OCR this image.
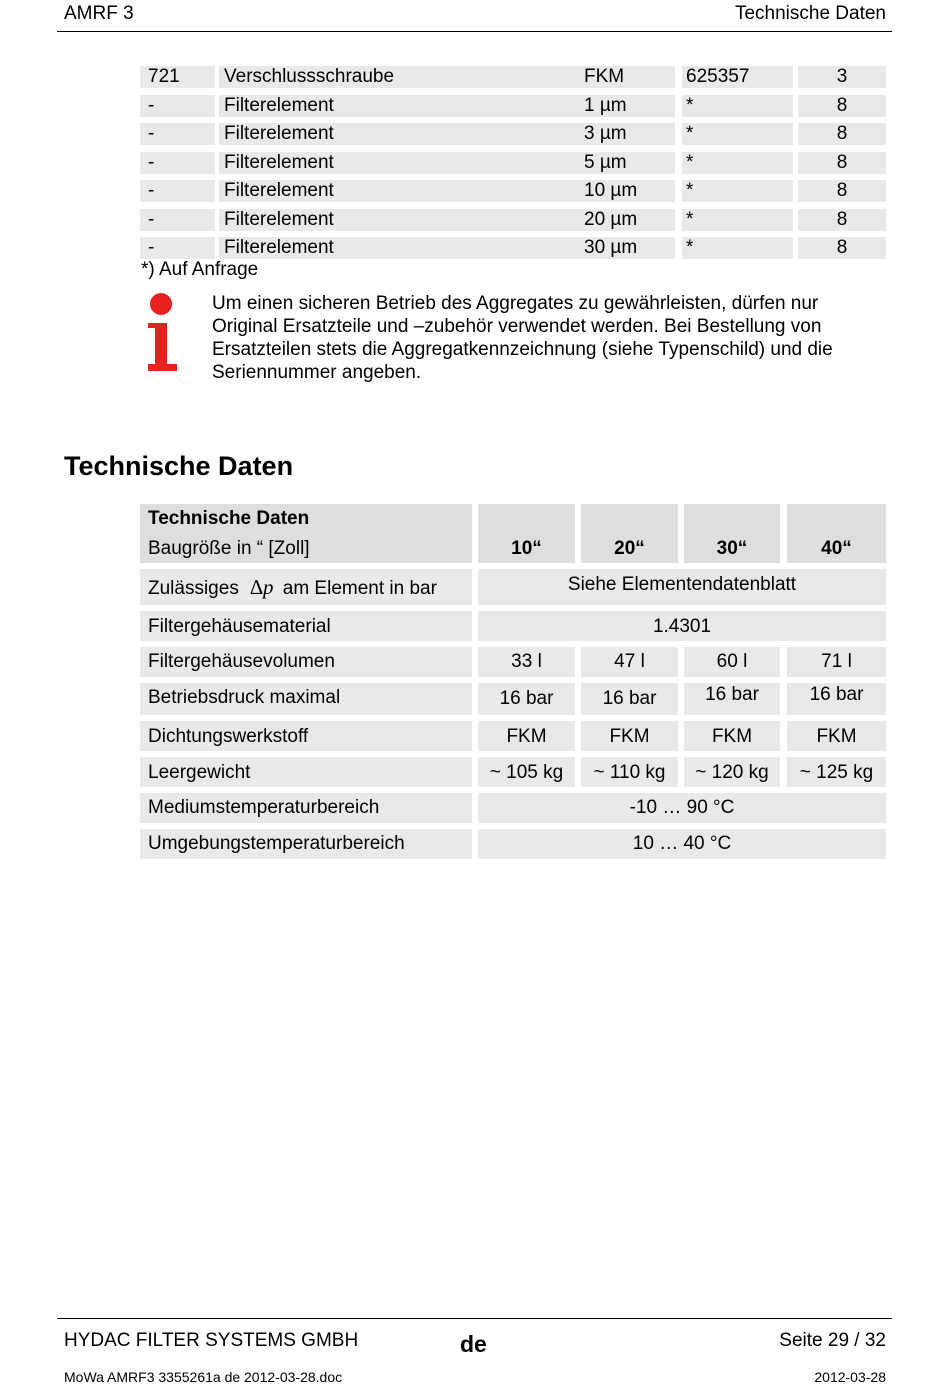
AMRF 3	Technische Daten
721	Verschlussschraube	FKM	625357	3
-	Filterelement	1 µm	*	8
-	Filterelement	3 µm	*	8
-	Filterelement	5 µm	*	8
-	Filterelement	10 µm	*	8
-	Filterelement	20 µm	*	8
-	Filterelement	30 µm	*	8
*) Auf Anfrage
Um einen sicheren Betrieb des Aggregates zu gewährleisten, dürfen nur
Original Ersatzteile und –zubehör verwendet werden. Bei Bestellung von
Ersatzteilen stets die Aggregatkennzeichnung (siehe Typenschild) und die
Seriennummer angeben.
Technische Daten
Technische Daten
Baugröße in “ [Zoll]	10“	20“	30“	40“
Zulässiges ∆p am Element in bar	Siehe Elementendatenblatt
Filtergehäusematerial	1.4301
Filtergehäusevolumen	33 l	47 l	60 l	71 l
Betriebsdruck maximal	16 bar	16 bar	16 bar	16 bar
Dichtungswerkstoff	FKM	FKM	FKM	FKM
Leergewicht	~ 105 kg	~ 110 kg	~ 120 kg	~ 125 kg
Mediumstemperaturbereich	-10 … 90 °C
Umgebungstemperaturbereich	10 … 40 °C
HYDAC FILTER SYSTEMS GMBH	de	Seite 29 / 32
MoWa AMRF3 3355261a de 2012-03-28.doc	2012-03-28
